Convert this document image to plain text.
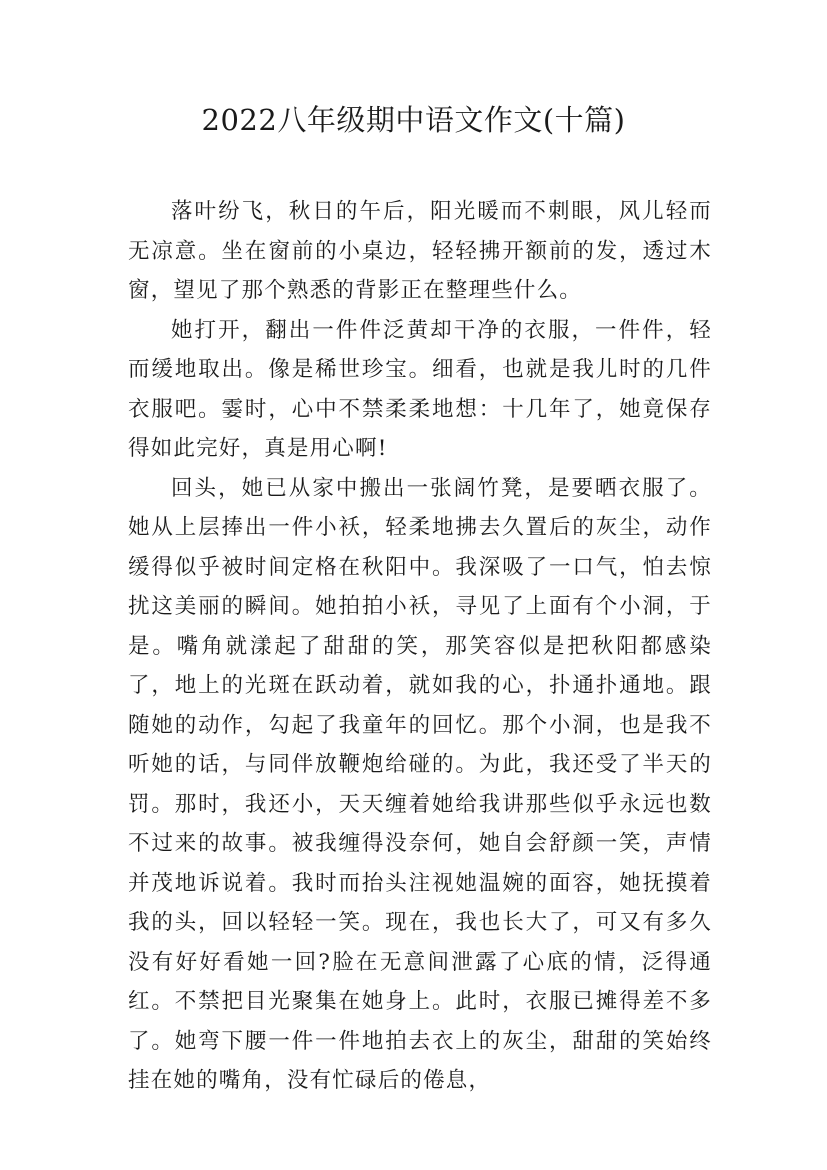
2022八年级期中语文作文(十篇)

落叶纷飞，秋日的午后，阳光暖而不刺眼，风儿轻而无凉意。坐在窗前的小桌边，轻轻拂开额前的发，透过木窗，望见了那个熟悉的背影正在整理些什么。

她打开，翻出一件件泛黄却干净的衣服，一件件，轻而缓地取出。像是稀世珍宝。细看，也就是我儿时的几件衣服吧。霎时，心中不禁柔柔地想：十几年了，她竟保存得如此完好，真是用心啊!

回头，她已从家中搬出一张阔竹凳，是要晒衣服了。她从上层捧出一件小袄，轻柔地拂去久置后的灰尘，动作缓得似乎被时间定格在秋阳中。我深吸了一口气，怕去惊扰这美丽的瞬间。她拍拍小袄，寻见了上面有个小洞，于是。嘴角就漾起了甜甜的笑，那笑容似是把秋阳都感染了，地上的光斑在跃动着，就如我的心，扑通扑通地。跟随她的动作，勾起了我童年的回忆。那个小洞，也是我不听她的话，与同伴放鞭炮给碰的。为此，我还受了半天的罚。那时，我还小，天天缠着她给我讲那些似乎永远也数不过来的故事。被我缠得没奈何，她自会舒颜一笑，声情并茂地诉说着。我时而抬头注视她温婉的面容，她抚摸着我的头，回以轻轻一笑。现在，我也长大了，可又有多久没有好好看她一回?脸在无意间泄露了心底的情，泛得通红。不禁把目光聚集在她身上。此时，衣服已摊得差不多了。她弯下腰一件一件地拍去衣上的灰尘，甜甜的笑始终挂在她的嘴角，没有忙碌后的倦息，
